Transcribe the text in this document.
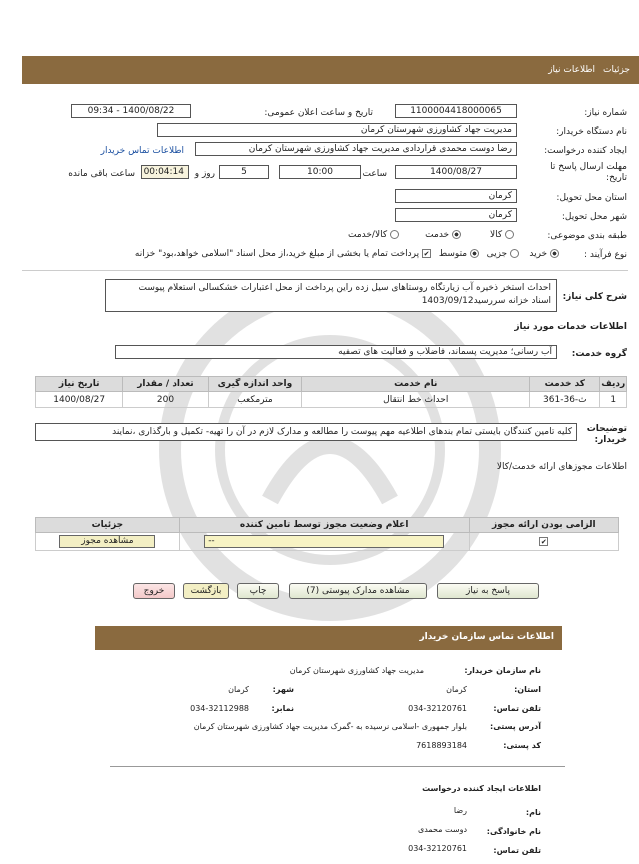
جزئیات
اطلاعات نیاز
شماره نیاز:
1100004418000065
تاریخ و ساعت اعلان عمومی:
1400/08/22 - 09:34
نام دستگاه خریدار:
مدیریت جهاد کشاورزی شهرستان کرمان
ایجاد کننده درخواست:
رضا دوست محمدی قراردادی مدیریت جهاد کشاورزی شهرستان کرمان
اطلاعات تماس خریدار
مهلت ارسال پاسخ تا تاریخ:
1400/08/27
ساعت
10:00
5
روز و
00:04:14
ساعت باقی مانده
استان محل تحویل:
کرمان
شهر محل تحویل:
کرمان
طبقه بندی موضوعی:
کالا
خدمت
کالا/خدمت
نوع فرآیند :
خرید
جزیی
متوسط
✔ پرداخت تمام یا بخشی از مبلغ خرید،از محل اسناد "اسلامی خواهد،بود" خزانه
شرح کلی نیاز:
احداث استخر ذخیره آب زیارتگاه روستاهای سیل زده راین پرداخت از محل اعتبارات خشکسالی استعلام پیوست
اسناد خزانه سررسید1403/09/12
اطلاعات خدمات مورد نیاز
گروه خدمت:
آب رسانی؛ مدیریت پسماند، فاضلاب و فعالیت های تصفیه
ردیف	کد خدمت	نام خدمت	واحد اندازه گیری	تعداد / مقدار	تاریخ نیاز
1	ث-36-361	احداث خط انتقال	مترمکعب	200	1400/08/27
توضیحات خریدار:
کلیه تامین کنندگان بایستی تمام بندهای اطلاعیه مهم پیوست را مطالعه و مدارک لازم در آن را تهیه- تکمیل و بارگذاری ،نمایند
اطلاعات مجوزهای ارائه خدمت/کالا
الزامی بودن ارائه مجوز	اعلام وضعیت مجوز توسط تامین کننده	جزئیات
✔	--	مشاهده مجوز
پاسخ به نیاز
مشاهده مدارک پیوستی (7)
چاپ
بازگشت
خروج
اطلاعات تماس سازمان خریدار
نام سازمان خریدار:
مدیریت جهاد کشاورزی شهرستان کرمان
استان:
کرمان
شهر:
کرمان
تلفن تماس:
034-32120761
نمابر:
034-32112988
آدرس پستی:
بلوار جمهوری -اسلامی نرسیده به -گمرک مدیریت جهاد کشاورزی شهرستان کرمان
کد پستی:
7618893184
اطلاعات ایجاد کننده درخواست
نام:
رضا
نام خانوادگی:
دوست محمدی
تلفن تماس:
034-32120761
